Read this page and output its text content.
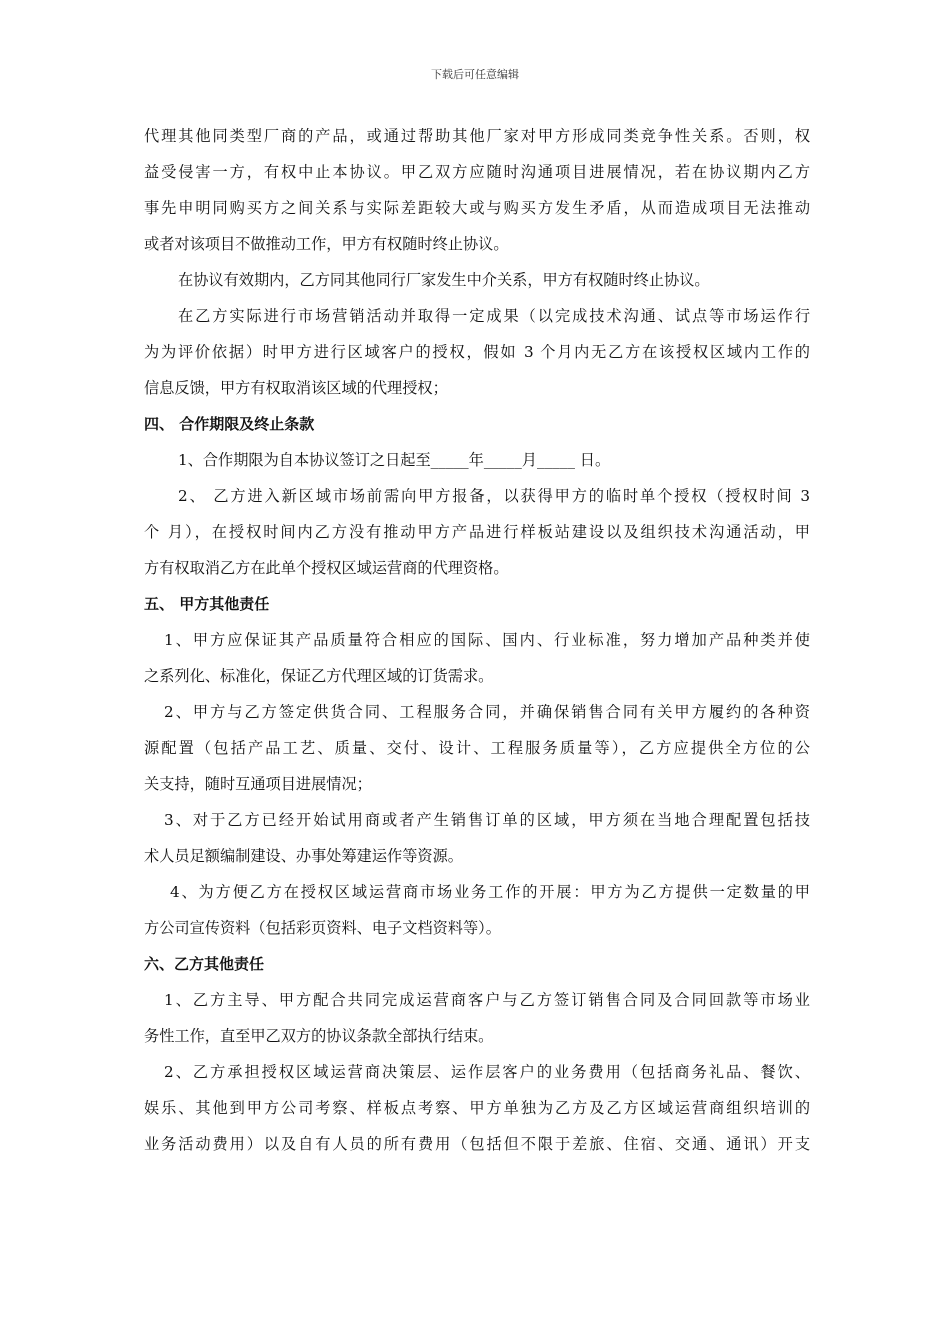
下载后可任意编辑
代理其他同类型厂商的产品，或通过帮助其他厂家对甲方形成同类竞争性关系。否则，权
益受侵害一方，有权中止本协议。甲乙双方应随时沟通项目进展情况，若在协议期内乙方
事先申明同购买方之间关系与实际差距较大或与购买方发生矛盾，从而造成项目无法推动
或者对该项目不做推动工作，甲方有权随时终止协议。
在协议有效期内，乙方同其他同行厂家发生中介关系，甲方有权随时终止协议。
在乙方实际进行市场营销活动并取得一定成果（以完成技术沟通、试点等市场运作行
为为评价依据）时甲方进行区域客户的授权，假如 3 个月内无乙方在该授权区域内工作的
信息反馈，甲方有权取消该区域的代理授权；
四、 合作期限及终止条款
1、合作期限为自本协议签订之日起至_____年_____月_____ 日。
2、 乙方进入新区域市场前需向甲方报备，以获得甲方的临时单个授权（授权时间 3
个 月），在授权时间内乙方没有推动甲方产品进行样板站建设以及组织技术沟通活动，甲
方有权取消乙方在此单个授权区域运营商的代理资格。
五、 甲方其他责任
1、甲方应保证其产品质量符合相应的国际、国内、行业标准，努力增加产品种类并使
之系列化、标准化，保证乙方代理区域的订货需求。
2、甲方与乙方签定供货合同、工程服务合同，并确保销售合同有关甲方履约的各种资
源配置（包括产品工艺、质量、交付、设计、工程服务质量等），乙方应提供全方位的公
关支持，随时互通项目进展情况；
3、对于乙方已经开始试用商或者产生销售订单的区域，甲方须在当地合理配置包括技
术人员足额编制建设、办事处筹建运作等资源。
4、为方便乙方在授权区域运营商市场业务工作的开展：甲方为乙方提供一定数量的甲
方公司宣传资料（包括彩页资料、电子文档资料等）。
六、乙方其他责任
1、乙方主导、甲方配合共同完成运营商客户与乙方签订销售合同及合同回款等市场业
务性工作，直至甲乙双方的协议条款全部执行结束。
2、乙方承担授权区域运营商决策层、运作层客户的业务费用（包括商务礼品、餐饮、
娱乐、其他到甲方公司考察、样板点考察、甲方单独为乙方及乙方区域运营商组织培训的
业务活动费用）以及自有人员的所有费用（包括但不限于差旅、住宿、交通、通讯）开支
